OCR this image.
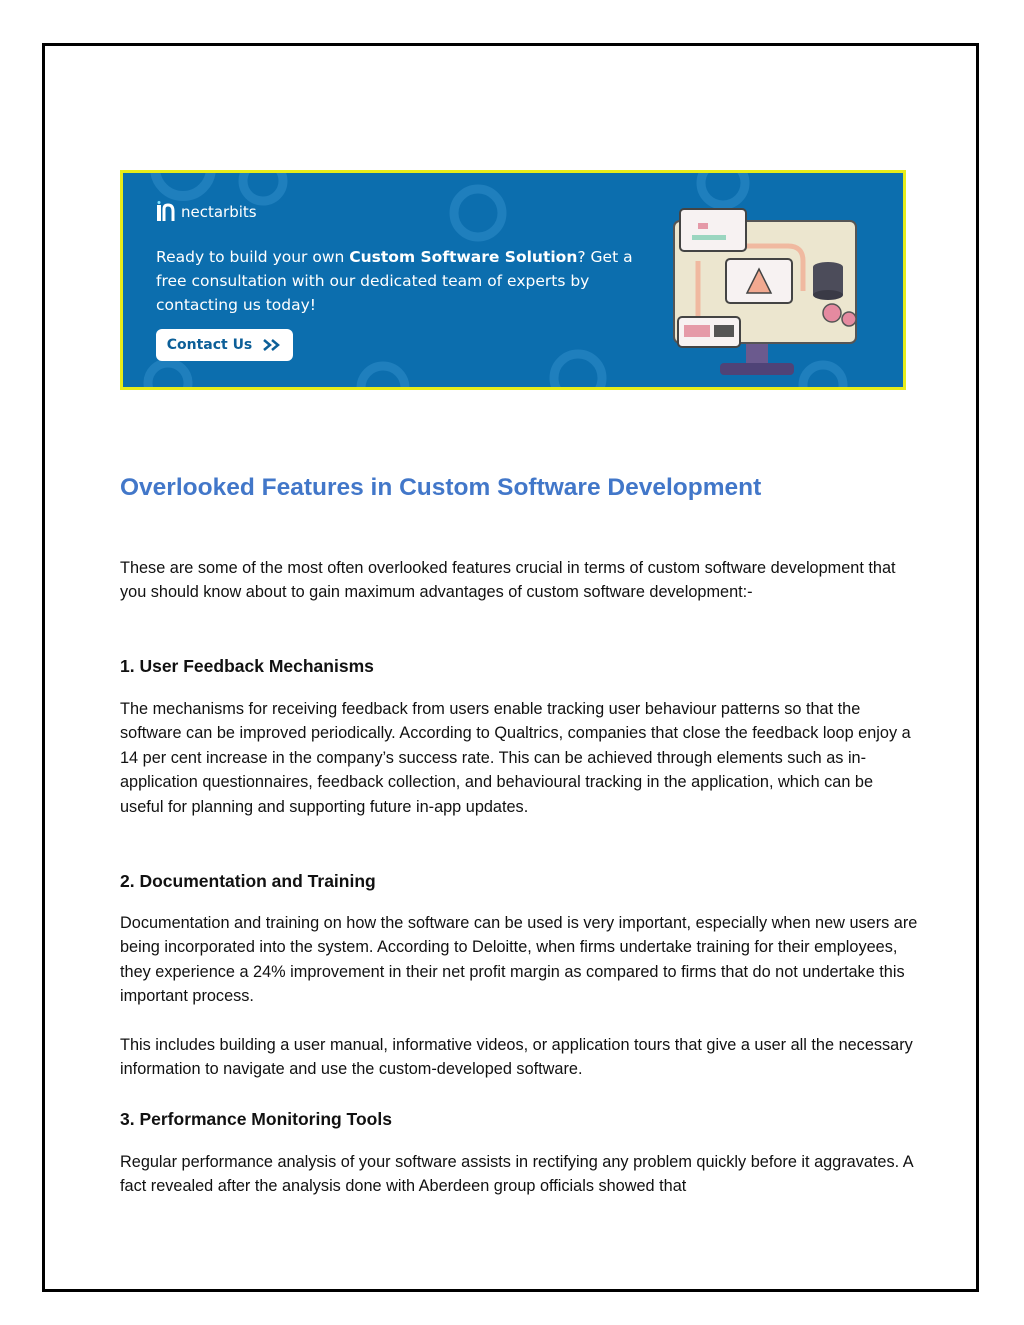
nectarbits
Ready to build your own Custom Software Solution? Get a free consultation with our dedicated team of experts by contacting us today!
Contact Us
Overlooked Features in Custom Software Development

These are some of the most often overlooked features crucial in terms of custom software development that you should know about to gain maximum advantages of custom software development:-

1. User Feedback Mechanisms

The mechanisms for receiving feedback from users enable tracking user behaviour patterns so that the software can be improved periodically. According to Qualtrics, companies that close the feedback loop enjoy a 14 per cent increase in the company’s success rate. This can be achieved through elements such as in-application questionnaires, feedback collection, and behavioural tracking in the application, which can be useful for planning and supporting future in-app updates.

2. Documentation and Training

Documentation and training on how the software can be used is very important, especially when new users are being incorporated into the system. According to Deloitte, when firms undertake training for their employees, they experience a 24% improvement in their net profit margin as compared to firms that do not undertake this important process.

This includes building a user manual, informative videos, or application tours that give a user all the necessary information to navigate and use the custom-developed software.

3. Performance Monitoring Tools

Regular performance analysis of your software assists in rectifying any problem quickly before it aggravates. A fact revealed after the analysis done with Aberdeen group officials showed that
